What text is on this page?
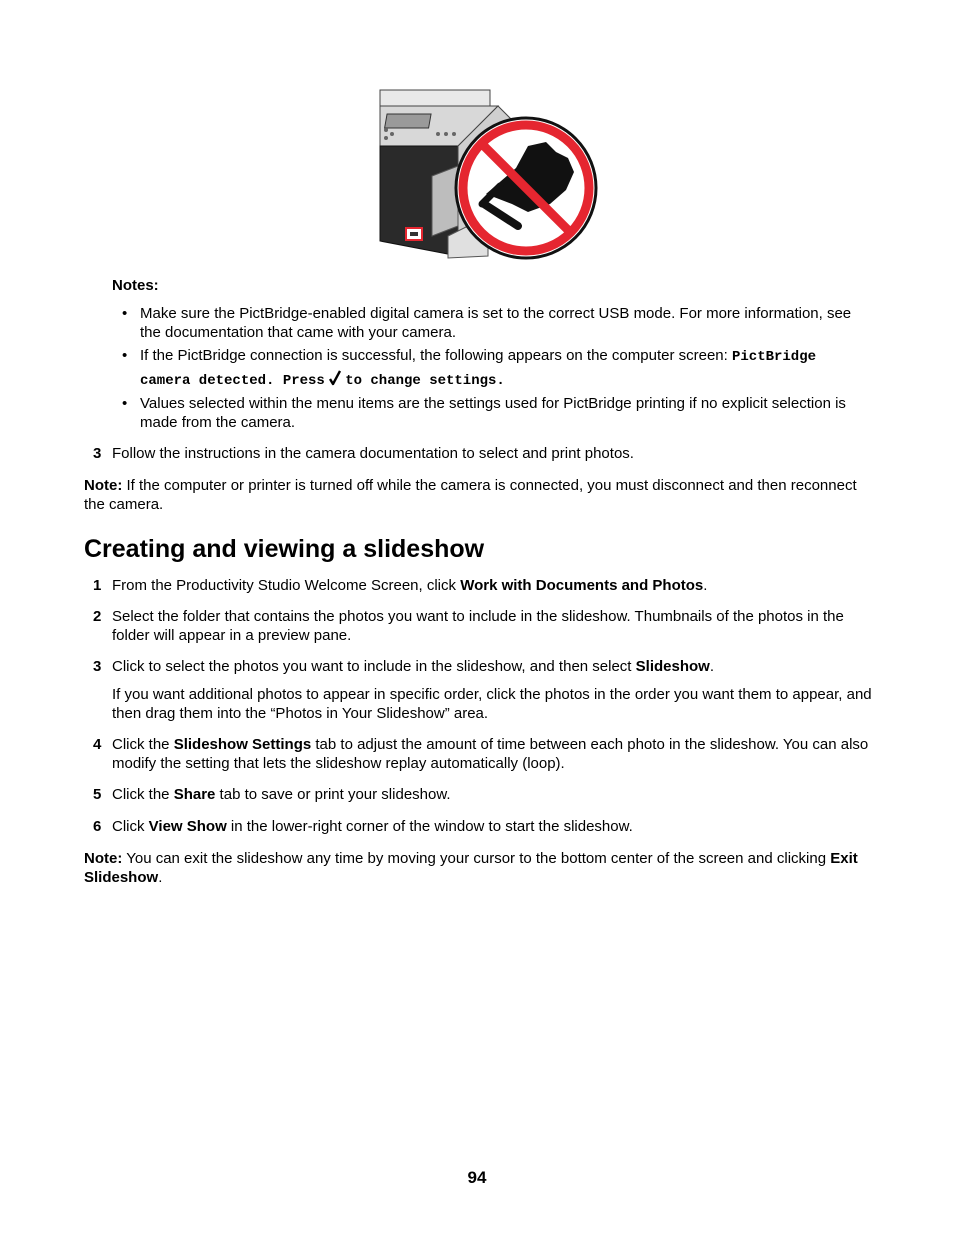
Notes:
• Make sure the PictBridge-enabled digital camera is set to the correct USB mode. For more information, see the documentation that came with your camera.
• If the PictBridge connection is successful, the following appears on the computer screen: PictBridge
camera detected. Press to change settings.
• Values selected within the menu items are the settings used for PictBridge printing if no explicit selection is made from the camera.
3 Follow the instructions in the camera documentation to select and print photos.
Note: If the computer or printer is turned off while the camera is connected, you must disconnect and then reconnect the camera.
Creating and viewing a slideshow
1 From the Productivity Studio Welcome Screen, click Work with Documents and Photos.
2 Select the folder that contains the photos you want to include in the slideshow. Thumbnails of the photos in the folder will appear in a preview pane.
3 Click to select the photos you want to include in the slideshow, and then select Slideshow.
If you want additional photos to appear in specific order, click the photos in the order you want them to appear, and then drag them into the “Photos in Your Slideshow” area.
4 Click the Slideshow Settings tab to adjust the amount of time between each photo in the slideshow. You can also modify the setting that lets the slideshow replay automatically (loop).
5 Click the Share tab to save or print your slideshow.
6 Click View Show in the lower-right corner of the window to start the slideshow.
Note: You can exit the slideshow any time by moving your cursor to the bottom center of the screen and clicking Exit Slideshow.
94
